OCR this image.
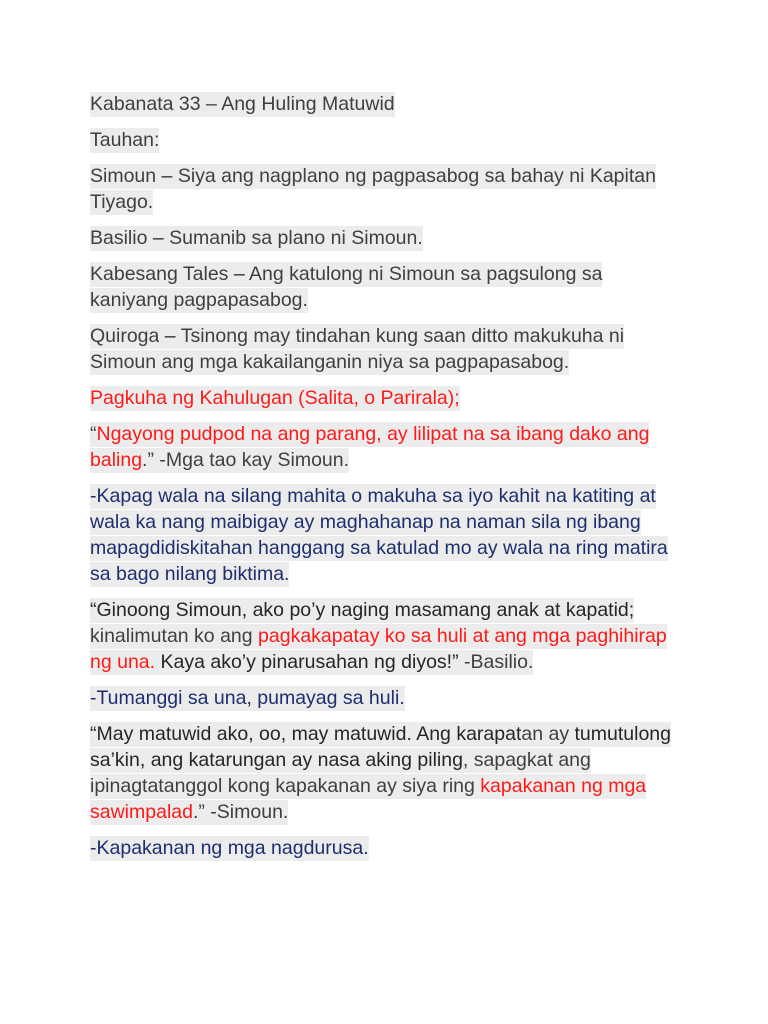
Kabanata 33 – Ang Huling Matuwid

Tauhan:

Simoun – Siya ang nagplano ng pagpasabog sa bahay ni Kapitan Tiyago.

Basilio – Sumanib sa plano ni Simoun.

Kabesang Tales – Ang katulong ni Simoun sa pagsulong sa kaniyang pagpapasabog.

Quiroga – Tsinong may tindahan kung saan ditto makukuha ni Simoun ang mga kakailanganin niya sa pagpapasabog.

Pagkuha ng Kahulugan (Salita, o Parirala);

“Ngayong pudpod na ang parang, ay lilipat na sa ibang dako ang baling.” -Mga tao kay Simoun.

-Kapag wala na silang mahita o makuha sa iyo kahit na katiting at wala ka nang maibigay ay maghahanap na naman sila ng ibang mapagdidiskitahan hanggang sa katulad mo ay wala na ring matira sa bago nilang biktima.

“Ginoong Simoun, ako po’y naging masamang anak at kapatid; kinalimutan ko ang pagkakapatay ko sa huli at ang mga paghihirap ng una. Kaya ako’y pinarusahan ng diyos!” -Basilio.

-Tumanggi sa una, pumayag sa huli.

“May matuwid ako, oo, may matuwid. Ang karapatan ay tumutulong sa’kin, ang katarungan ay nasa aking piling, sapagkat ang ipinagtatanggol kong kapakanan ay siya ring kapakanan ng mga sawimpalad.” -Simoun.

-Kapakanan ng mga nagdurusa.
